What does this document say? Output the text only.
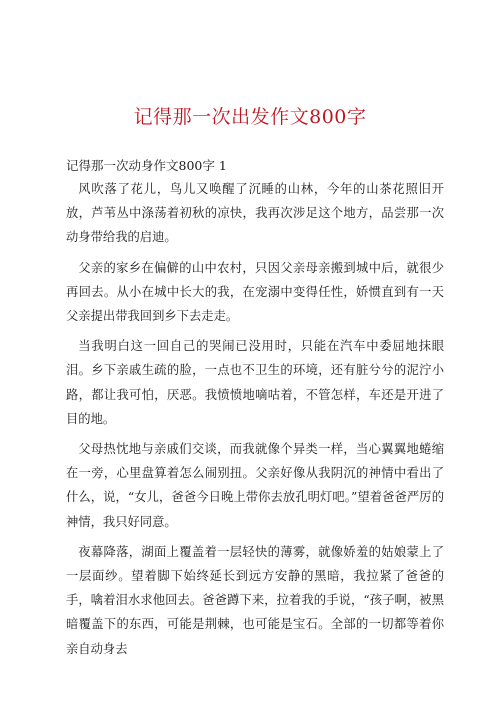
记得那一次出发作文800字
记得那一次动身作文800字 1

风吹落了花儿，鸟儿又唤醒了沉睡的山林，今年的山茶花照旧开放，芦苇丛中涤荡着初秋的凉快，我再次涉足这个地方，品尝那一次动身带给我的启迪。

父亲的家乡在偏僻的山中农村，只因父亲母亲搬到城中后，就很少再回去。从小在城中长大的我，在宠溺中变得任性，娇惯直到有一天父亲提出带我回到乡下去走走。

当我明白这一回自己的哭闹已没用时，只能在汽车中委屈地抹眼泪。乡下亲戚生疏的脸，一点也不卫生的环境，还有脏兮兮的泥泞小路，都让我可怕，厌恶。我愤愤地嘀咕着，不管怎样，车还是开进了目的地。

父母热忱地与亲戚们交谈，而我就像个异类一样，当心翼翼地蜷缩在一旁，心里盘算着怎么闹别扭。父亲好像从我阴沉的神情中看出了什么，说，“女儿，爸爸今日晚上带你去放孔明灯吧。”望着爸爸严厉的神情，我只好同意。

夜幕降落，湖面上覆盖着一层轻快的薄雾，就像娇羞的姑娘蒙上了一层面纱。望着脚下始终延长到远方安静的黑暗，我拉紧了爸爸的手，噙着泪水求他回去。爸爸蹲下来，拉着我的手说，“孩子啊，被黑暗覆盖下的东西，可能是荆棘，也可能是宝石。全部的一切都等着你亲自动身去
